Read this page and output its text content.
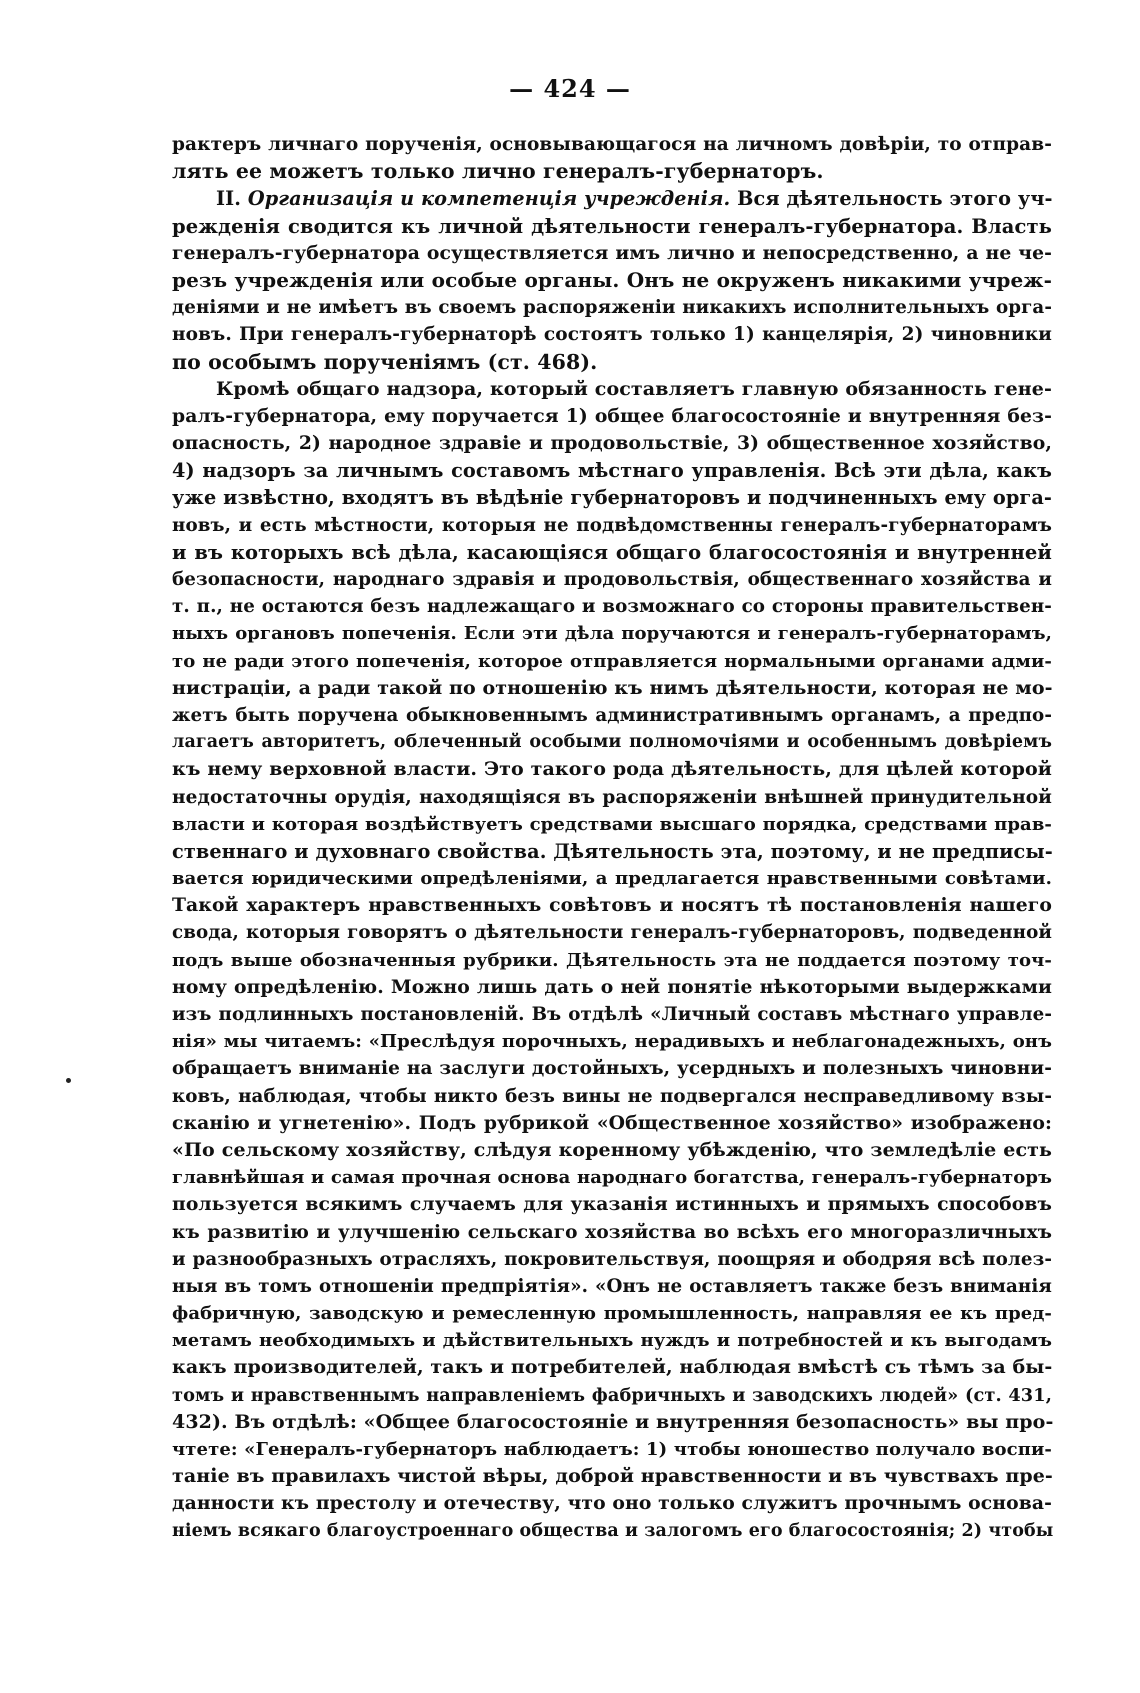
— 424 —
рактеръ личнаго порученія, основывающагося на личномъ довѣріи, то отправ-
лять ее можетъ только лично генералъ-губернаторъ.
II. Организація и компетенція учрежденія. Вся дѣятельность этого уч-
режденія сводится къ личной дѣятельности генералъ-губернатора. Власть
генералъ-губернатора осуществляется имъ лично и непосредственно, а не че-
резъ учрежденія или особые органы. Онъ не окруженъ никакими учреж-
деніями и не имѣетъ въ своемъ распоряженіи никакихъ исполнительныхъ орга-
новъ. При генералъ-губернаторѣ состоятъ только 1) канцелярія, 2) чиновники
по особымъ порученіямъ (ст. 468).
Кромѣ общаго надзора, который составляетъ главную обязанность гене-
ралъ-губернатора, ему поручается 1) общее благосостояніе и внутренняя без-
опасность, 2) народное здравіе и продовольствіе, 3) общественное хозяйство,
4) надзоръ за личнымъ составомъ мѣстнаго управленія. Всѣ эти дѣла, какъ
уже извѣстно, входятъ въ вѣдѣніе губернаторовъ и подчиненныхъ ему орга-
новъ, и есть мѣстности, которыя не подвѣдомственны генералъ-губернаторамъ
и въ которыхъ всѣ дѣла, касающіяся общаго благосостоянія и внутренней
безопасности, народнаго здравія и продовольствія, общественнаго хозяйства и
т. п., не остаются безъ надлежащаго и возможнаго со стороны правительствен-
ныхъ органовъ попеченія. Если эти дѣла поручаются и генералъ-губернаторамъ,
то не ради этого попеченія, которое отправляется нормальными органами адми-
нистраціи, а ради такой по отношенію къ нимъ дѣятельности, которая не мо-
жетъ быть поручена обыкновеннымъ административнымъ органамъ, а предпо-
лагаетъ авторитетъ, облеченный особыми полномочіями и особеннымъ довѣріемъ
къ нему верховной власти. Это такого рода дѣятельность, для цѣлей которой
недостаточны орудія, находящіяся въ распоряженіи внѣшней принудительной
власти и которая воздѣйствуетъ средствами высшаго порядка, средствами прав-
ственнаго и духовнаго свойства. Дѣятельность эта, поэтому, и не предписы-
вается юридическими опредѣленіями, а предлагается нравственными совѣтами.
Такой характеръ нравственныхъ совѣтовъ и носятъ тѣ постановленія нашего
свода, которыя говорятъ о дѣятельности генералъ-губернаторовъ, подведенной
подъ выше обозначенныя рубрики. Дѣятельность эта не поддается поэтому точ-
ному опредѣленію. Можно лишь дать о ней понятіе нѣкоторыми выдержками
изъ подлинныхъ постановленій. Въ отдѣлѣ «Личный составъ мѣстнаго управле-
нія» мы читаемъ: «Преслѣдуя порочныхъ, нерадивыхъ и неблагонадежныхъ, онъ
обращаетъ вниманіе на заслуги достойныхъ, усердныхъ и полезныхъ чиновни-
ковъ, наблюдая, чтобы никто безъ вины не подвергался несправедливому взы-
сканію и угнетенію». Подъ рубрикой «Общественное хозяйство» изображено:
«По сельскому хозяйству, слѣдуя коренному убѣжденію, что земледѣліе есть
главнѣйшая и самая прочная основа народнаго богатства, генералъ-губернаторъ
пользуется всякимъ случаемъ для указанія истинныхъ и прямыхъ способовъ
къ развитію и улучшенію сельскаго хозяйства во всѣхъ его многоразличныхъ
и разнообразныхъ отрасляхъ, покровительствуя, поощряя и ободряя всѣ полез-
ныя въ томъ отношеніи предпріятія». «Онъ не оставляетъ также безъ вниманія
фабричную, заводскую и ремесленную промышленность, направляя ее къ пред-
метамъ необходимыхъ и дѣйствительныхъ нуждъ и потребностей и къ выгодамъ
какъ производителей, такъ и потребителей, наблюдая вмѣстѣ съ тѣмъ за бы-
томъ и нравственнымъ направленіемъ фабричныхъ и заводскихъ людей» (ст. 431,
432). Въ отдѣлѣ: «Общее благосостояніе и внутренняя безопасность» вы про-
чтете: «Генералъ-губернаторъ наблюдаетъ: 1) чтобы юношество получало воспи-
таніе въ правилахъ чистой вѣры, доброй нравственности и въ чувствахъ пре-
данности къ престолу и отечеству, что оно только служитъ прочнымъ основа-
ніемъ всякаго благоустроеннаго общества и залогомъ его благосостоянія; 2) чтобы
